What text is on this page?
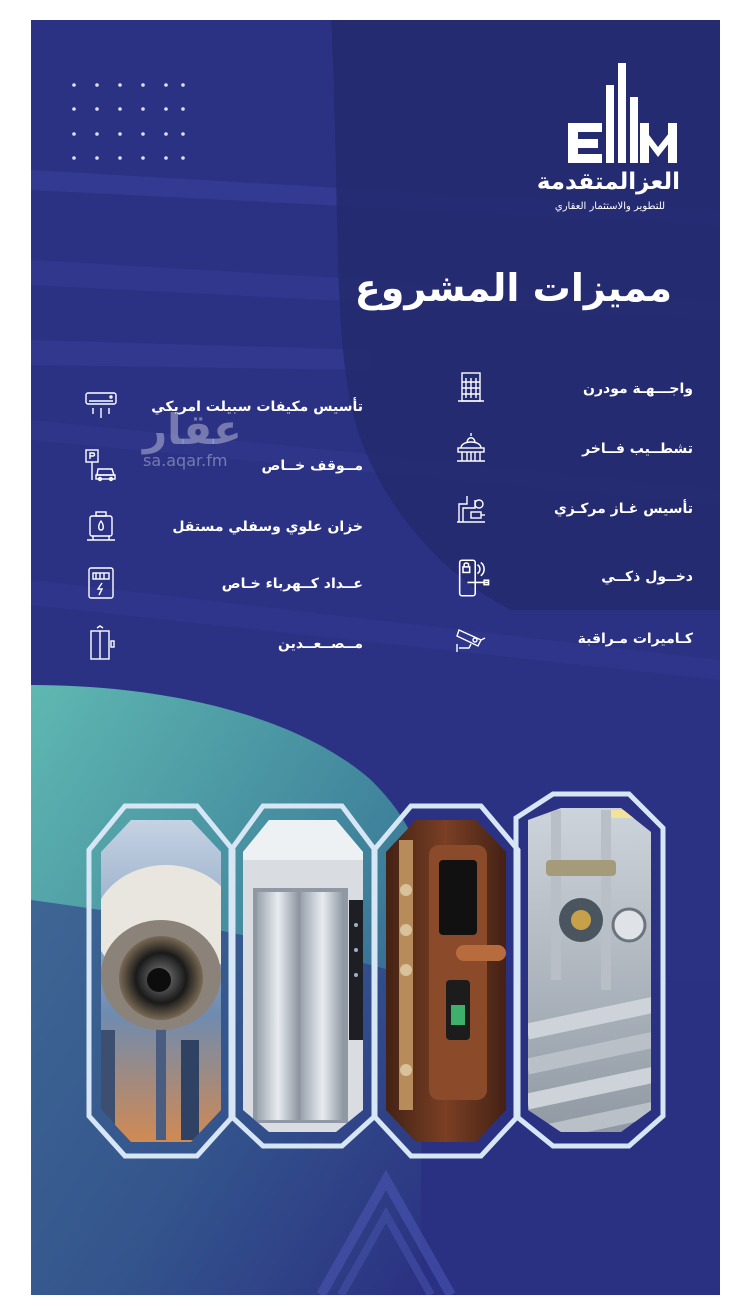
العزالمتقدمة
للتطوير والاستثمار العقاري
مميزات المشروع
واجـــهـة مودرن
تشطــيب فــاخر
تأسيس غـاز مركـزي
دخــول ذكــي
كـاميرات مـراقبة
تأسيس مكيفات سبيلت امريكي
مــوقف خــاص
خزان علوي وسفلي مستقل
عــداد كــهرباء خـاص
مــصــعــدين
عقار
sa.aqar.fm
